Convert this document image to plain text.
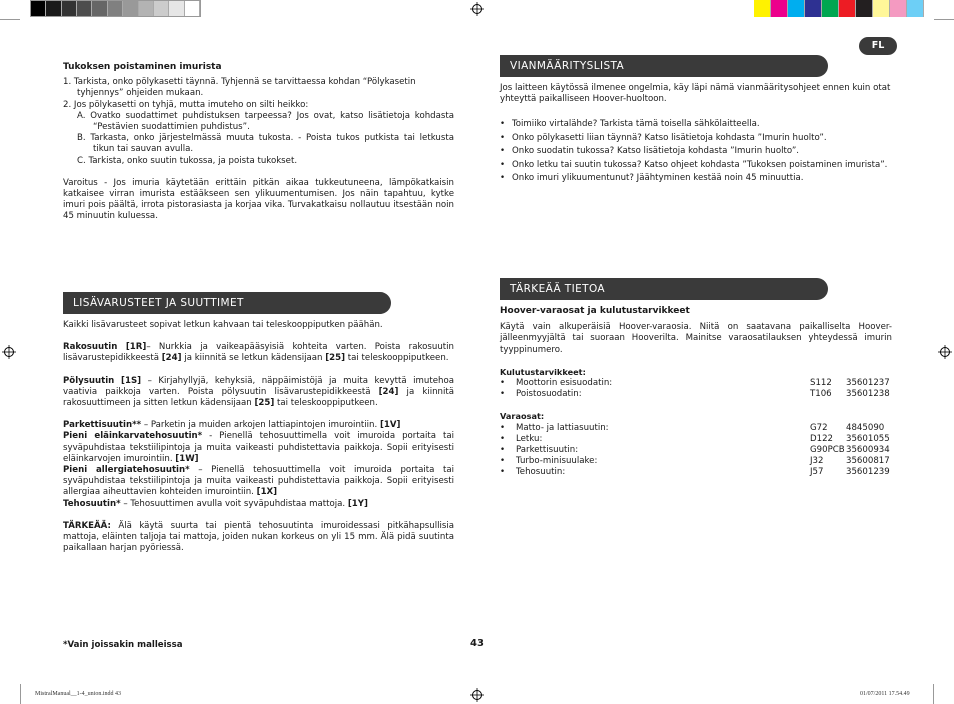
FL
Tukoksen poistaminen imurista
1. Tarkista, onko pölykasetti täynnä. Tyhjennä se tarvittaessa kohdan “Pölykasetin tyhjennys” ohjeiden mukaan.
2. Jos pölykasetti on tyhjä, mutta imuteho on silti heikko:
A. Ovatko suodattimet puhdistuksen tarpeessa? Jos ovat, katso lisätietoja kohdasta “Pestävien suodattimien puhdistus”.
B. Tarkasta, onko järjestelmässä muuta tukosta. - Poista tukos putkista tai letkusta tikun tai sauvan avulla.
C. Tarkista, onko suutin tukossa, ja poista tukokset.
Varoitus - Jos imuria käytetään erittäin pitkän aikaa tukkeutuneena, lämpökatkaisin katkaisee virran imurista estääkseen sen ylikuumentumisen. Jos näin tapahtuu, kytke imuri pois päältä, irrota pistorasiasta ja korjaa vika. Turvakatkaisu nollautuu itsestään noin 45 minuutin kuluessa.
LISÄVARUSTEET JA SUUTTIMET
Kaikki lisävarusteet sopivat letkun kahvaan tai teleskooppiputken päähän.
Rakosuutin [1R]– Nurkkia ja vaikeapääsyisiä kohteita varten. Poista rakosuutin lisävarustepidikkeestä [24] ja kiinnitä se letkun kädensijaan [25] tai teleskooppiputkeen.
Pölysuutin [1S] – Kirjahyllyjä, kehyksiä, näppäimistöjä ja muita kevyttä imutehoa vaativia paikkoja varten. Poista pölysuutin lisävarustepidikkeestä [24] ja kiinnitä rakosuuttimeen ja sitten letkun kädensijaan [25] tai teleskooppiputkeen.
Parkettisuutin** – Parketin ja muiden arkojen lattiapintojen imurointiin. [1V]
Pieni eläinkarvatehosuutin* - Pienellä tehosuuttimella voit imuroida portaita tai syväpuhdistaa tekstiilipintoja ja muita vaikeasti puhdistettavia paikkoja. Sopii erityisesti eläinkarvojen imurointiin. [1W]
Pieni allergiatehosuutin* – Pienellä tehosuuttimella voit imuroida portaita tai syväpuhdistaa tekstiilipintoja ja muita vaikeasti puhdistettavia paikkoja. Sopii erityisesti allergiaa aiheuttavien kohteiden imurointiin. [1X]
Tehosuutin* – Tehosuuttimen avulla voit syväpuhdistaa mattoja. [1Y]
TÄRKEÄÄ: Älä käytä suurta tai pientä tehosuutinta imuroidessasi pitkähapsullisia mattoja, eläinten taljoja tai mattoja, joiden nukan korkeus on yli 15 mm. Älä pidä suutinta paikallaan harjan pyöriessä.
*Vain joissakin malleissa	43
VIANMÄÄRITYSLISTA
Jos laitteen käytössä ilmenee ongelmia, käy läpi nämä vianmääritysohjeet ennen kuin otat yhteyttä paikalliseen Hoover-huoltoon.
• Toimiiko virtalähde? Tarkista tämä toisella sähkölaitteella.
• Onko pölykasetti liian täynnä? Katso lisätietoja kohdasta ”Imurin huolto”.
• Onko suodatin tukossa? Katso lisätietoja kohdasta ”Imurin huolto”.
• Onko letku tai suutin tukossa? Katso ohjeet kohdasta ”Tukoksen poistaminen imurista”.
• Onko imuri ylikuumentunut? Jäähtyminen kestää noin 45 minuuttia.
TÄRKEÄÄ TIETOA
Hoover-varaosat ja kulutustarvikkeet
Käytä vain alkuperäisiä Hoover-varaosia. Niitä on saatavana paikalliselta Hoover-jälleenmyyjältä tai suoraan Hooverilta. Mainitse varaosatilauksen yhteydessä imurin tyyppinumero.
Kulutustarvikkeet:
•    Moottorin esisuodatin:	S112 35601237
•    Poistosuodatin:	T106 35601238
Varaosat:
•    Matto- ja lattiasuutin:	G72 4845090
•    Letku:	D122 35601055
•    Parkettisuutin:	G90PCB 35600934
•    Turbo-minisuulake:	J32	35600817
•    Tehosuutin:	J57	35601239
MistralManual__1-4_union.indd 43	01/07/2011 17.54.49
